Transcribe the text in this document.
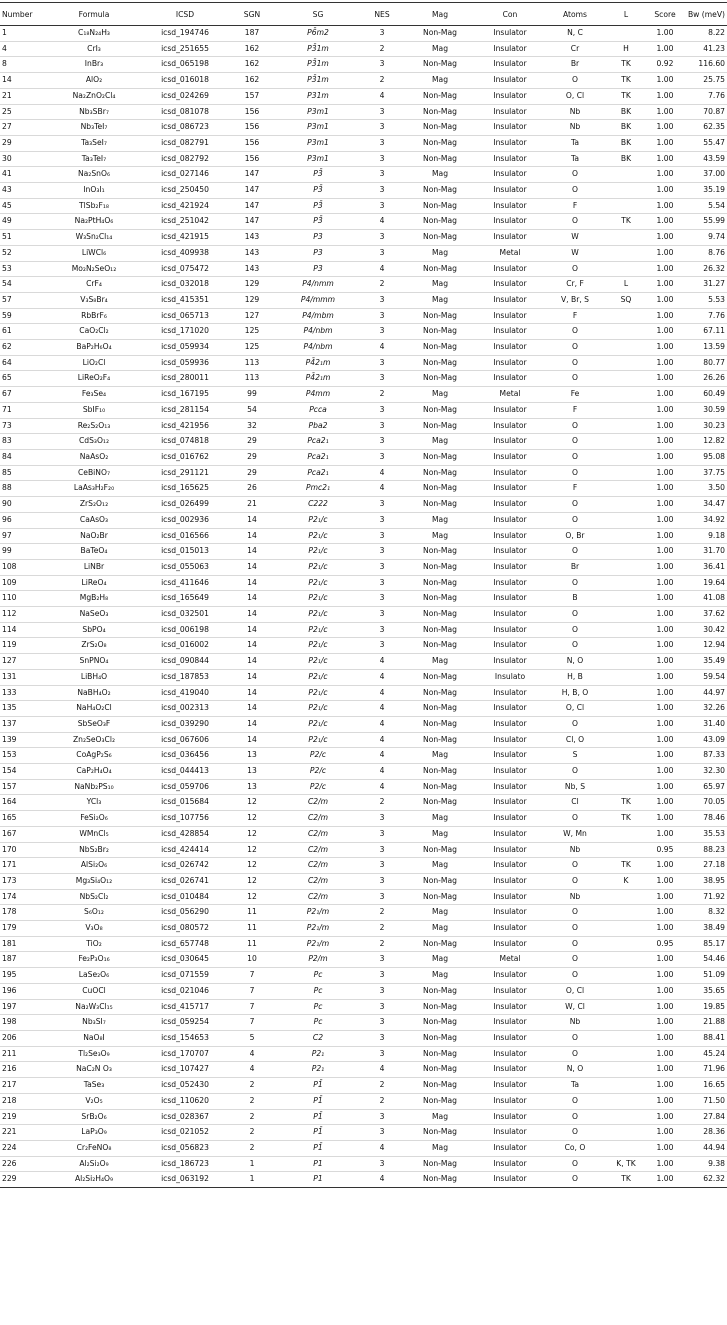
Number	Formula	ICSD	SGN	SG	NES	Mag	Con	Atoms	L	Score	Bw (meV)
1	C₁₈N₂₄H₃	icsd_194746	187	P6̄m2	3	Non-Mag	Insulator	N, C		1.00	8.22
4	CrI₃	icsd_251655	162	P3̄1m	2	Mag	Insulator	Cr	H	1.00	41.23
8	InBr₃	icsd_065198	162	P3̄1m	3	Non-Mag	Insulator	Br	TK	0.92	116.60
14	AlO₂	icsd_016018	162	P3̄1m	2	Mag	Insulator	O	TK	1.00	25.75
21	Na₂ZnO₂Cl₄	icsd_024269	157	P31m	4	Non-Mag	Insulator	O, Cl	TK	1.00	7.76
25	Nb₃SBr₇	icsd_081078	156	P3m1	3	Non-Mag	Insulator	Nb	BK	1.00	70.87
27	Nb₃TeI₇	icsd_086723	156	P3m1	3	Non-Mag	Insulator	Nb	BK	1.00	62.35
29	Ta₃SeI₇	icsd_082791	156	P3m1	3	Non-Mag	Insulator	Ta	BK	1.00	55.47
30	Ta₃TeI₇	icsd_082792	156	P3m1	3	Non-Mag	Insulator	Ta	BK	1.00	43.59
41	Na₂SnO₆	icsd_027146	147	P3̄	3	Mag	Insulator	O		1.00	37.00
43	InO₃I₁	icsd_250450	147	P3̄	3	Non-Mag	Insulator	O		1.00	35.19
45	TlSb₂F₁₈	icsd_421924	147	P3̄	3	Non-Mag	Insulator	F		1.00	5.54
49	Na₂PtH₄O₆	icsd_251042	147	P3̄	4	Non-Mag	Insulator	O	TK	1.00	55.99
51	W₃Sn₂Cl₁₄	icsd_421915	143	P3	3	Non-Mag	Insulator	W		1.00	9.74
52	LiWCl₆	icsd_409938	143	P3	3	Mag	Metal	W		1.00	8.76
53	Mo₂N₂SeO₁₂	icsd_075472	143	P3	4	Non-Mag	Insulator	O		1.00	26.32
54	CrF₄	icsd_032018	129	P4/nmm	2	Mag	Insulator	Cr, F	L	1.00	31.27
57	V₃S₈Br₄	icsd_415351	129	P4/mmm	3	Mag	Insulator	V, Br, S	SQ	1.00	5.53
59	RbBrF₆	icsd_065713	127	P4/mbm	3	Non-Mag	Insulator	F		1.00	7.76
61	CaO₂Cl₂	icsd_171020	125	P4/nbm	3	Non-Mag	Insulator	O		1.00	67.11
62	BaP₂H₆O₄	icsd_059934	125	P4/nbm	4	Non-Mag	Insulator	O		1.00	13.59
64	LiO₂Cl	icsd_059936	113	P4̄2₁m	3	Non-Mag	Insulator	O		1.00	80.77
65	LiReO₂F₄	icsd_280011	113	P4̄2₁m	3	Non-Mag	Insulator	O		1.00	26.26
67	Fe₃Se₄	icsd_167195	99	P4mm	2	Mag	Metal	Fe		1.00	60.49
71	SbIF₁₀	icsd_281154	54	Pcca	3	Non-Mag	Insulator	F		1.00	30.59
73	Re₂S₂O₁₃	icsd_421956	32	Pba2	3	Non-Mag	Insulator	O		1.00	30.23
83	CdS₃O₁₂	icsd_074818	29	Pca2₁	3	Mag	Insulator	O		1.00	12.82
84	NaAsO₂	icsd_016762	29	Pca2₁	3	Non-Mag	Insulator	O		1.00	95.08
85	CeBiNO₇	icsd_291121	29	Pca2₁	4	Non-Mag	Insulator	O		1.00	37.75
88	LaAs₃H₂F₂₀	icsd_165625	26	Pmc2₁	4	Non-Mag	Insulator	F		1.00	3.50
90	ZrS₂O₁₂	icsd_026499	21	C222	3	Non-Mag	Insulator	O		1.00	34.47
96	CaAsO₃	icsd_002936	14	P2₁/c	3	Mag	Insulator	O		1.00	34.92
97	NaO₂Br	icsd_016566	14	P2₁/c	3	Mag	Insulator	O, Br		1.00	9.18
99	BaTeO₄	icsd_015013	14	P2₁/c	3	Non-Mag	Insulator	O		1.00	31.70
108	LiNBr	icsd_055063	14	P2₁/c	3	Non-Mag	Insulator	Br		1.00	36.41
109	LiReO₄	icsd_411646	14	P2₁/c	3	Non-Mag	Insulator	O		1.00	19.64
110	MgB₂H₈	icsd_165649	14	P2₁/c	3	Non-Mag	Insulator	B		1.00	41.08
112	NaSeO₃	icsd_032501	14	P2₁/c	3	Non-Mag	Insulator	O		1.00	37.62
114	SbPO₄	icsd_006198	14	P2₁/c	3	Non-Mag	Insulator	O		1.00	30.42
119	ZrS₂O₈	icsd_016002	14	P2₁/c	3	Non-Mag	Insulator	O		1.00	12.94
127	SnPNO₄	icsd_090844	14	P2₁/c	4	Mag	Insulator	N, O		1.00	35.49
131	LiBH₄O	icsd_187853	14	P2₁/c	4	Non-Mag	Insulato	H, B		1.00	59.54
133	NaBH₄O₂	icsd_419040	14	P2₁/c	4	Non-Mag	Insulator	H, B, O		1.00	44.97
135	NaH₄O₂Cl	icsd_002313	14	P2₁/c	4	Non-Mag	Insulator	O, Cl		1.00	32.26
137	SbSeO₃F	icsd_039290	14	P2₁/c	4	Non-Mag	Insulator	O		1.00	31.40
139	Zn₂SeO₃Cl₂	icsd_067606	14	P2₁/c	4	Non-Mag	Insulator	Cl, O		1.00	43.09
153	CoAgP₂S₆	icsd_036456	13	P2/c	4	Mag	Insulator	S		1.00	87.33
154	CaP₂H₄O₄	icsd_044413	13	P2/c	4	Non-Mag	Insulator	O		1.00	32.30
157	NaNb₂PS₁₀	icsd_059706	13	P2/c	4	Non-Mag	Insulator	Nb, S		1.00	65.97
164	YCl₃	icsd_015684	12	C2/m	2	Non-Mag	Insulator	Cl	TK	1.00	70.05
165	FeSi₂O₆	icsd_107756	12	C2/m	3	Mag	Insulator	O	TK	1.00	78.46
167	WMnCl₅	icsd_428854	12	C2/m	3	Mag	Insulator	W, Mn		1.00	35.53
170	NbS₂Br₂	icsd_424414	12	C2/m	3	Non-Mag	Insulator	Nb		0.95	88.23
171	AlSi₂O₆	icsd_026742	12	C2/m	3	Mag	Insulator	O	TK	1.00	27.18
173	Mg₃Si₄O₁₂	icsd_026741	12	C2/m	3	Non-Mag	Insulator	O	K	1.00	38.95
174	NbS₂Cl₂	icsd_010484	12	C2/m	3	Non-Mag	Insulator	Nb		1.00	71.92
178	S₆O₁₂	icsd_056290	11	P2₁/m	2	Mag	Insulator	O		1.00	8.32
179	V₃O₈	icsd_080572	11	P2₁/m	2	Mag	Insulator	O		1.00	38.49
181	TiO₂	icsd_657748	11	P2₁/m	2	Non-Mag	Insulator	O		0.95	85.17
187	Fe₂P₃O₁₆	icsd_030645	10	P2/m	3	Mag	Metal	O		1.00	54.46
195	LaSe₂O₆	icsd_071559	7	Pc	3	Mag	Insulator	O		1.00	51.09
196	CuOCl	icsd_021046	7	Pc	3	Non-Mag	Insulator	O, Cl		1.00	35.65
197	Na₂W₃Cl₁₅	icsd_415717	7	Pc	3	Non-Mag	Insulator	W, Cl		1.00	19.85
198	Nb₃SI₇	icsd_059254	7	Pc	3	Non-Mag	Insulator	Nb		1.00	21.88
206	NaO₈I	icsd_154653	5	C2	3	Non-Mag	Insulator	O		1.00	88.41
211	Tl₂Se₃O₉	icsd_170707	4	P2₁	3	Non-Mag	Insulator	O		1.00	45.24
216	NaC₂N O₃	icsd_107427	4	P2₁	4	Non-Mag	Insulator	N, O		1.00	71.96
217	TaSe₃	icsd_052430	2	P1̄	2	Non-Mag	Insulator	Ta		1.00	16.65
218	V₂O₅	icsd_110620	2	P1̄	2	Non-Mag	Insulator	O		1.00	71.50
219	SrB₂O₆	icsd_028367	2	P1̄	3	Mag	Insulator	O		1.00	27.84
221	LaP₃O₉	icsd_021052	2	P1̄	3	Non-Mag	Insulator	O		1.00	28.36
224	Cr₂FeNO₈	icsd_056823	2	P1̄	4	Mag	Insulator	Co, O		1.00	44.94
226	Al₂Si₂O₉	icsd_186723	1	P1	3	Non-Mag	Insulator	O	K, TK	1.00	9.38
229	Al₂Si₂H₄O₉	icsd_063192	1	P1	4	Non-Mag	Insulator	O	TK	1.00	62.32
